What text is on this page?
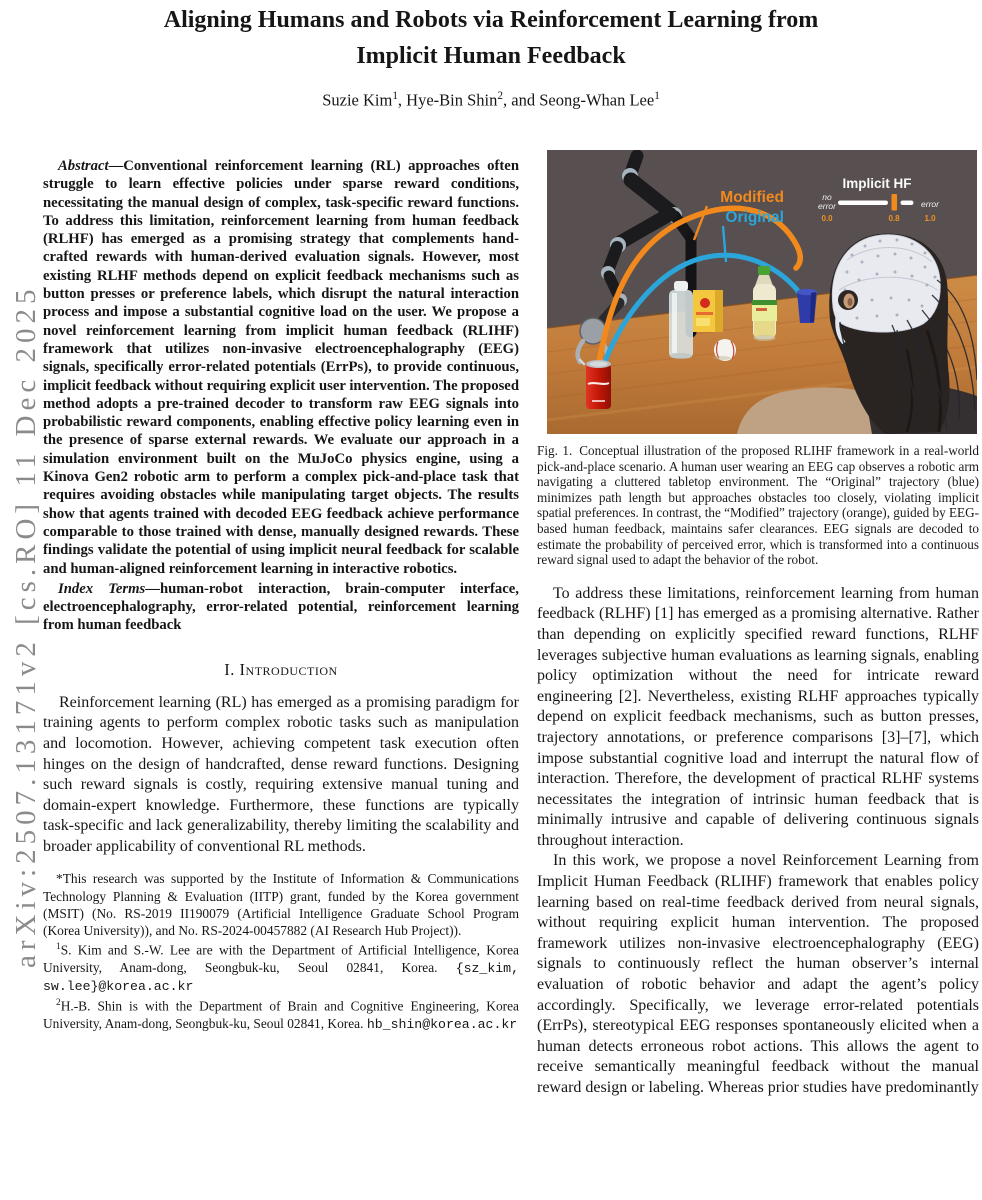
arXiv:2507.13171v2 [cs.RO] 11 Dec 2025
Aligning Humans and Robots via Reinforcement Learning from
Implicit Human Feedback
Suzie Kim$^1$, Hye-Bin Shin$^2$, and Seong-Whan Lee$^1$

Abstract—Conventional reinforcement learning (RL) approaches often struggle to learn effective policies under sparse reward conditions, necessitating the manual design of complex, task-specific reward functions. To address this limitation, reinforcement learning from human feedback (RLHF) has emerged as a promising strategy that complements hand-crafted rewards with human-derived evaluation signals. However, most existing RLHF methods depend on explicit feedback mechanisms such as button presses or preference labels, which disrupt the natural interaction process and impose a substantial cognitive load on the user. We propose a novel reinforcement learning from implicit human feedback (RLIHF) framework that utilizes non-invasive electroencephalography (EEG) signals, specifically error-related potentials (ErrPs), to provide continuous, implicit feedback without requiring explicit user intervention. The proposed method adopts a pre-trained decoder to transform raw EEG signals into probabilistic reward components, enabling effective policy learning even in the presence of sparse external rewards. We evaluate our approach in a simulation environment built on the MuJoCo physics engine, using a Kinova Gen2 robotic arm to perform a complex pick-and-place task that requires avoiding obstacles while manipulating target objects. The results show that agents trained with decoded EEG feedback achieve performance comparable to those trained with dense, manually designed rewards. These findings validate the potential of using implicit neural feedback for scalable and human-aligned reinforcement learning in interactive robotics.

Index Terms—human-robot interaction, brain-computer interface, electroencephalography, error-related potential, reinforcement learning from human feedback

I. Introduction

Reinforcement learning (RL) has emerged as a promising paradigm for training agents to perform complex robotic tasks such as manipulation and locomotion. However, achieving competent task execution often hinges on the design of handcrafted, dense reward functions. Designing such reward signals is costly, requiring extensive manual tuning and domain-expert knowledge. Furthermore, these functions are typically task-specific and lack generalizability, thereby limiting the scalability and broader applicability of conventional RL methods.

*This research was supported by the Institute of Information & Communications Technology Planning & Evaluation (IITP) grant, funded by the Korea government (MSIT) (No. RS-2019 II190079 (Artificial Intelligence Graduate School Program (Korea University)), and No. RS-2024-00457882 (AI Research Hub Project)).

$^1$S. Kim and S.-W. Lee are with the Department of Artificial Intelligence, Korea University, Anam-dong, Seongbuk-ku, Seoul 02841, Korea. {sz_kim, sw.lee}@korea.ac.kr

$^2$H.-B. Shin is with the Department of Brain and Cognitive Engineering, Korea University, Anam-dong, Seongbuk-ku, Seoul 02841, Korea. hb_shin@korea.ac.kr

Modified
Original
Implicit HF
no
error	error
0.0	0.8	1.0
Fig. 1. Conceptual illustration of the proposed RLIHF framework in a real-world pick-and-place scenario. A human user wearing an EEG cap observes a robotic arm navigating a cluttered tabletop environment. The “Original” trajectory (blue) minimizes path length but approaches obstacles too closely, violating implicit spatial preferences. In contrast, the “Modified” trajectory (orange), guided by EEG-based human feedback, maintains safer clearances. EEG signals are decoded to estimate the probability of perceived error, which is transformed into a continuous reward signal used to adapt the behavior of the robot.

To address these limitations, reinforcement learning from human feedback (RLHF) [1] has emerged as a promising alternative. Rather than depending on explicitly specified reward functions, RLHF leverages subjective human evaluations as learning signals, enabling policy optimization without the need for intricate reward engineering [2]. Nevertheless, existing RLHF approaches typically depend on explicit feedback mechanisms, such as button presses, trajectory annotations, or preference comparisons [3]–[7], which impose substantial cognitive load and interrupt the natural flow of interaction. Therefore, the development of practical RLHF systems necessitates the integration of intrinsic human feedback that is minimally intrusive and capable of delivering continuous signals throughout interaction.

In this work, we propose a novel Reinforcement Learning from Implicit Human Feedback (RLIHF) framework that enables policy learning based on real-time feedback derived from neural signals, without requiring explicit human intervention. The proposed framework utilizes non-invasive electroencephalography (EEG) signals to continuously reflect the human observer’s internal evaluation of robotic behavior and adapt the agent’s policy accordingly. Specifically, we leverage error-related potentials (ErrPs), stereotypical EEG responses spontaneously elicited when a human detects erroneous robot actions. This allows the agent to receive semantically meaningful feedback without the manual reward design or labeling. Whereas prior studies have predominantly
